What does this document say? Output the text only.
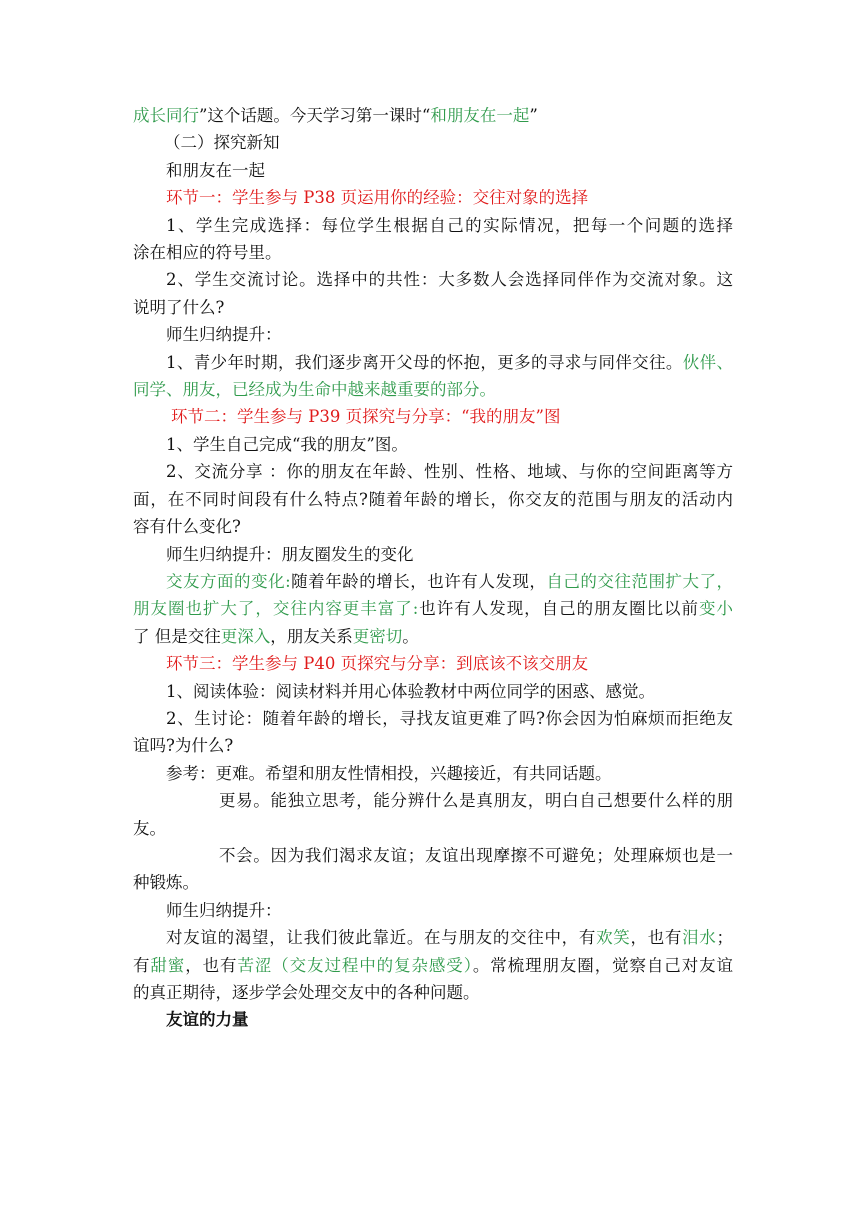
成长同行”这个话题。今天学习第一课时“和朋友在一起”
（二）探究新知
和朋友在一起
环节一：学生参与 P38 页运用你的经验：交往对象的选择
1、学生完成选择：每位学生根据自己的实际情况，把每一个问题的选择
涂在相应的符号里。
2、学生交流讨论。选择中的共性：大多数人会选择同伴作为交流对象。这
说明了什么?
师生归纳提升：
1、青少年时期，我们逐步离开父母的怀抱，更多的寻求与同伴交往。伙伴、
同学、朋友，已经成为生命中越来越重要的部分。
环节二：学生参与 P39 页探究与分享：“我的朋友”图
1、学生自己完成“我的朋友”图。
2、交流分享 ：你的朋友在年龄、性别、性格、地域、与你的空间距离等方
面，在不同时间段有什么特点?随着年龄的增长，你交友的范围与朋友的活动内
容有什么变化?
师生归纳提升：朋友圈发生的变化
交友方面的变化:随着年龄的增长，也许有人发现，自己的交往范围扩大了，
朋友圈也扩大了，交往内容更丰富了:也许有人发现，自己的朋友圈比以前变小
了 但是交往更深入，朋友关系更密切。
环节三：学生参与 P40 页探究与分享：到底该不该交朋友
1、阅读体验：阅读材料并用心体验教材中两位同学的困惑、感觉。
2、生讨论：随着年龄的增长，寻找友谊更难了吗?你会因为怕麻烦而拒绝友
谊吗?为什么?
参考：更难。希望和朋友性情相投，兴趣接近，有共同话题。
更易。能独立思考，能分辨什么是真朋友，明白自己想要什么样的朋
友。
不会。因为我们渴求友谊；友谊出现摩擦不可避免；处理麻烦也是一
种锻炼。
师生归纳提升：
对友谊的渴望，让我们彼此靠近。在与朋友的交往中，有欢笑，也有泪水；
有甜蜜，也有苦涩（交友过程中的复杂感受）。常梳理朋友圈，觉察自己对友谊
的真正期待，逐步学会处理交友中的各种问题。
友谊的力量
